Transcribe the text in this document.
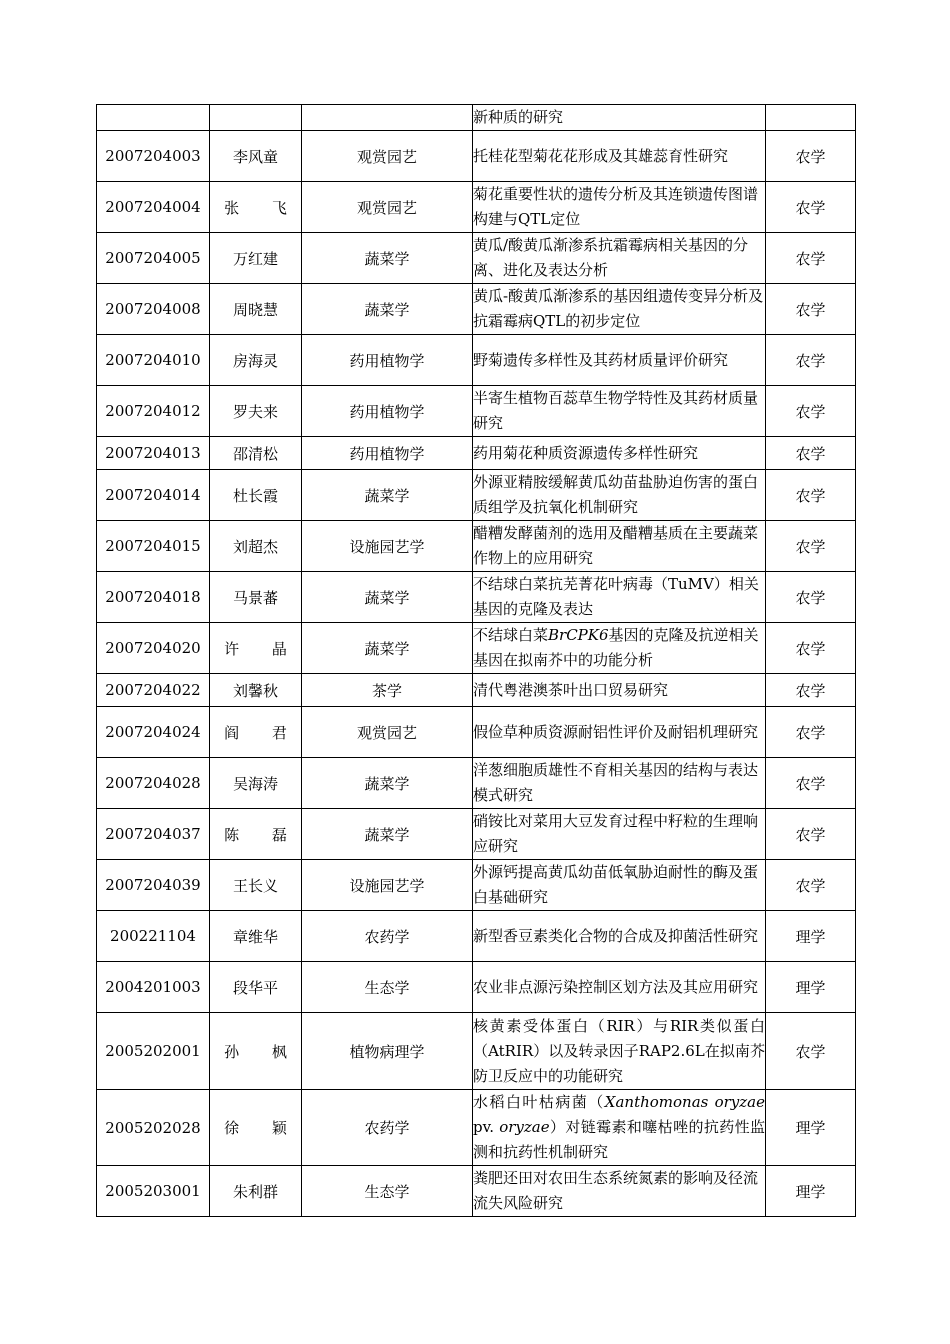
			新种质的研究	
2007204003	李风童	观赏园艺	托桂花型菊花花形成及其雄蕊育性研究	农学
2007204004	张 飞	观赏园艺	菊花重要性状的遗传分析及其连锁遗传图谱构建与QTL定位	农学
2007204005	万红建	蔬菜学	黄瓜/酸黄瓜渐渗系抗霜霉病相关基因的分离、进化及表达分析	农学
2007204008	周晓慧	蔬菜学	黄瓜-酸黄瓜渐渗系的基因组遗传变异分析及抗霜霉病QTL的初步定位	农学
2007204010	房海灵	药用植物学	野菊遗传多样性及其药材质量评价研究	农学
2007204012	罗夫来	药用植物学	半寄生植物百蕊草生物学特性及其药材质量研究	农学
2007204013	邵清松	药用植物学	药用菊花种质资源遗传多样性研究	农学
2007204014	杜长霞	蔬菜学	外源亚精胺缓解黄瓜幼苗盐胁迫伤害的蛋白质组学及抗氧化机制研究	农学
2007204015	刘超杰	设施园艺学	醋糟发酵菌剂的选用及醋糟基质在主要蔬菜作物上的应用研究	农学
2007204018	马景蕃	蔬菜学	不结球白菜抗芜菁花叶病毒（TuMV）相关基因的克隆及表达	农学
2007204020	许 晶	蔬菜学	不结球白菜BrCPK6基因的克隆及抗逆相关基因在拟南芥中的功能分析	农学
2007204022	刘馨秋	茶学	清代粤港澳茶叶出口贸易研究	农学
2007204024	阎 君	观赏园艺	假俭草种质资源耐铝性评价及耐铝机理研究	农学
2007204028	吴海涛	蔬菜学	洋葱细胞质雄性不育相关基因的结构与表达模式研究	农学
2007204037	陈 磊	蔬菜学	硝铵比对菜用大豆发育过程中籽粒的生理响应研究	农学
2007204039	王长义	设施园艺学	外源钙提高黄瓜幼苗低氧胁迫耐性的酶及蛋白基础研究	农学
200221104	章维华	农药学	新型香豆素类化合物的合成及抑菌活性研究	理学
2004201003	段华平	生态学	农业非点源污染控制区划方法及其应用研究	理学
2005202001	孙 枫	植物病理学	核黄素受体蛋白（RIR）与RIR类似蛋白（AtRIR）以及转录因子RAP2.6L在拟南芥防卫反应中的功能研究	农学
2005202028	徐 颖	农药学	水稻白叶枯病菌（Xanthomonas oryzae pv. oryzae）对链霉素和噻枯唑的抗药性监测和抗药性机制研究	理学
2005203001	朱利群	生态学	粪肥还田对农田生态系统氮素的影响及径流流失风险研究	理学
